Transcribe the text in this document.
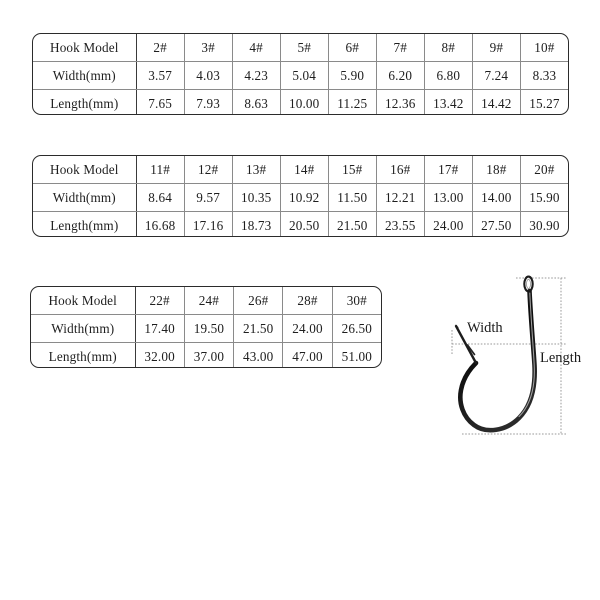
Hook Model	2#	3#	4#	5#	6#	7#	8#	9#	10#
Width(mm)	3.57	4.03	4.23	5.04	5.90	6.20	6.80	7.24	8.33
Length(mm)	7.65	7.93	8.63	10.00	11.25	12.36	13.42	14.42	15.27
Hook Model	11#	12#	13#	14#	15#	16#	17#	18#	20#
Width(mm)	8.64	9.57	10.35	10.92	11.50	12.21	13.00	14.00	15.90
Length(mm)	16.68	17.16	18.73	20.50	21.50	23.55	24.00	27.50	30.90
Hook Model	22#	24#	26#	28#	30#
Width(mm)	17.40	19.50	21.50	24.00	26.50
Length(mm)	32.00	37.00	43.00	47.00	51.00
Width
Length
